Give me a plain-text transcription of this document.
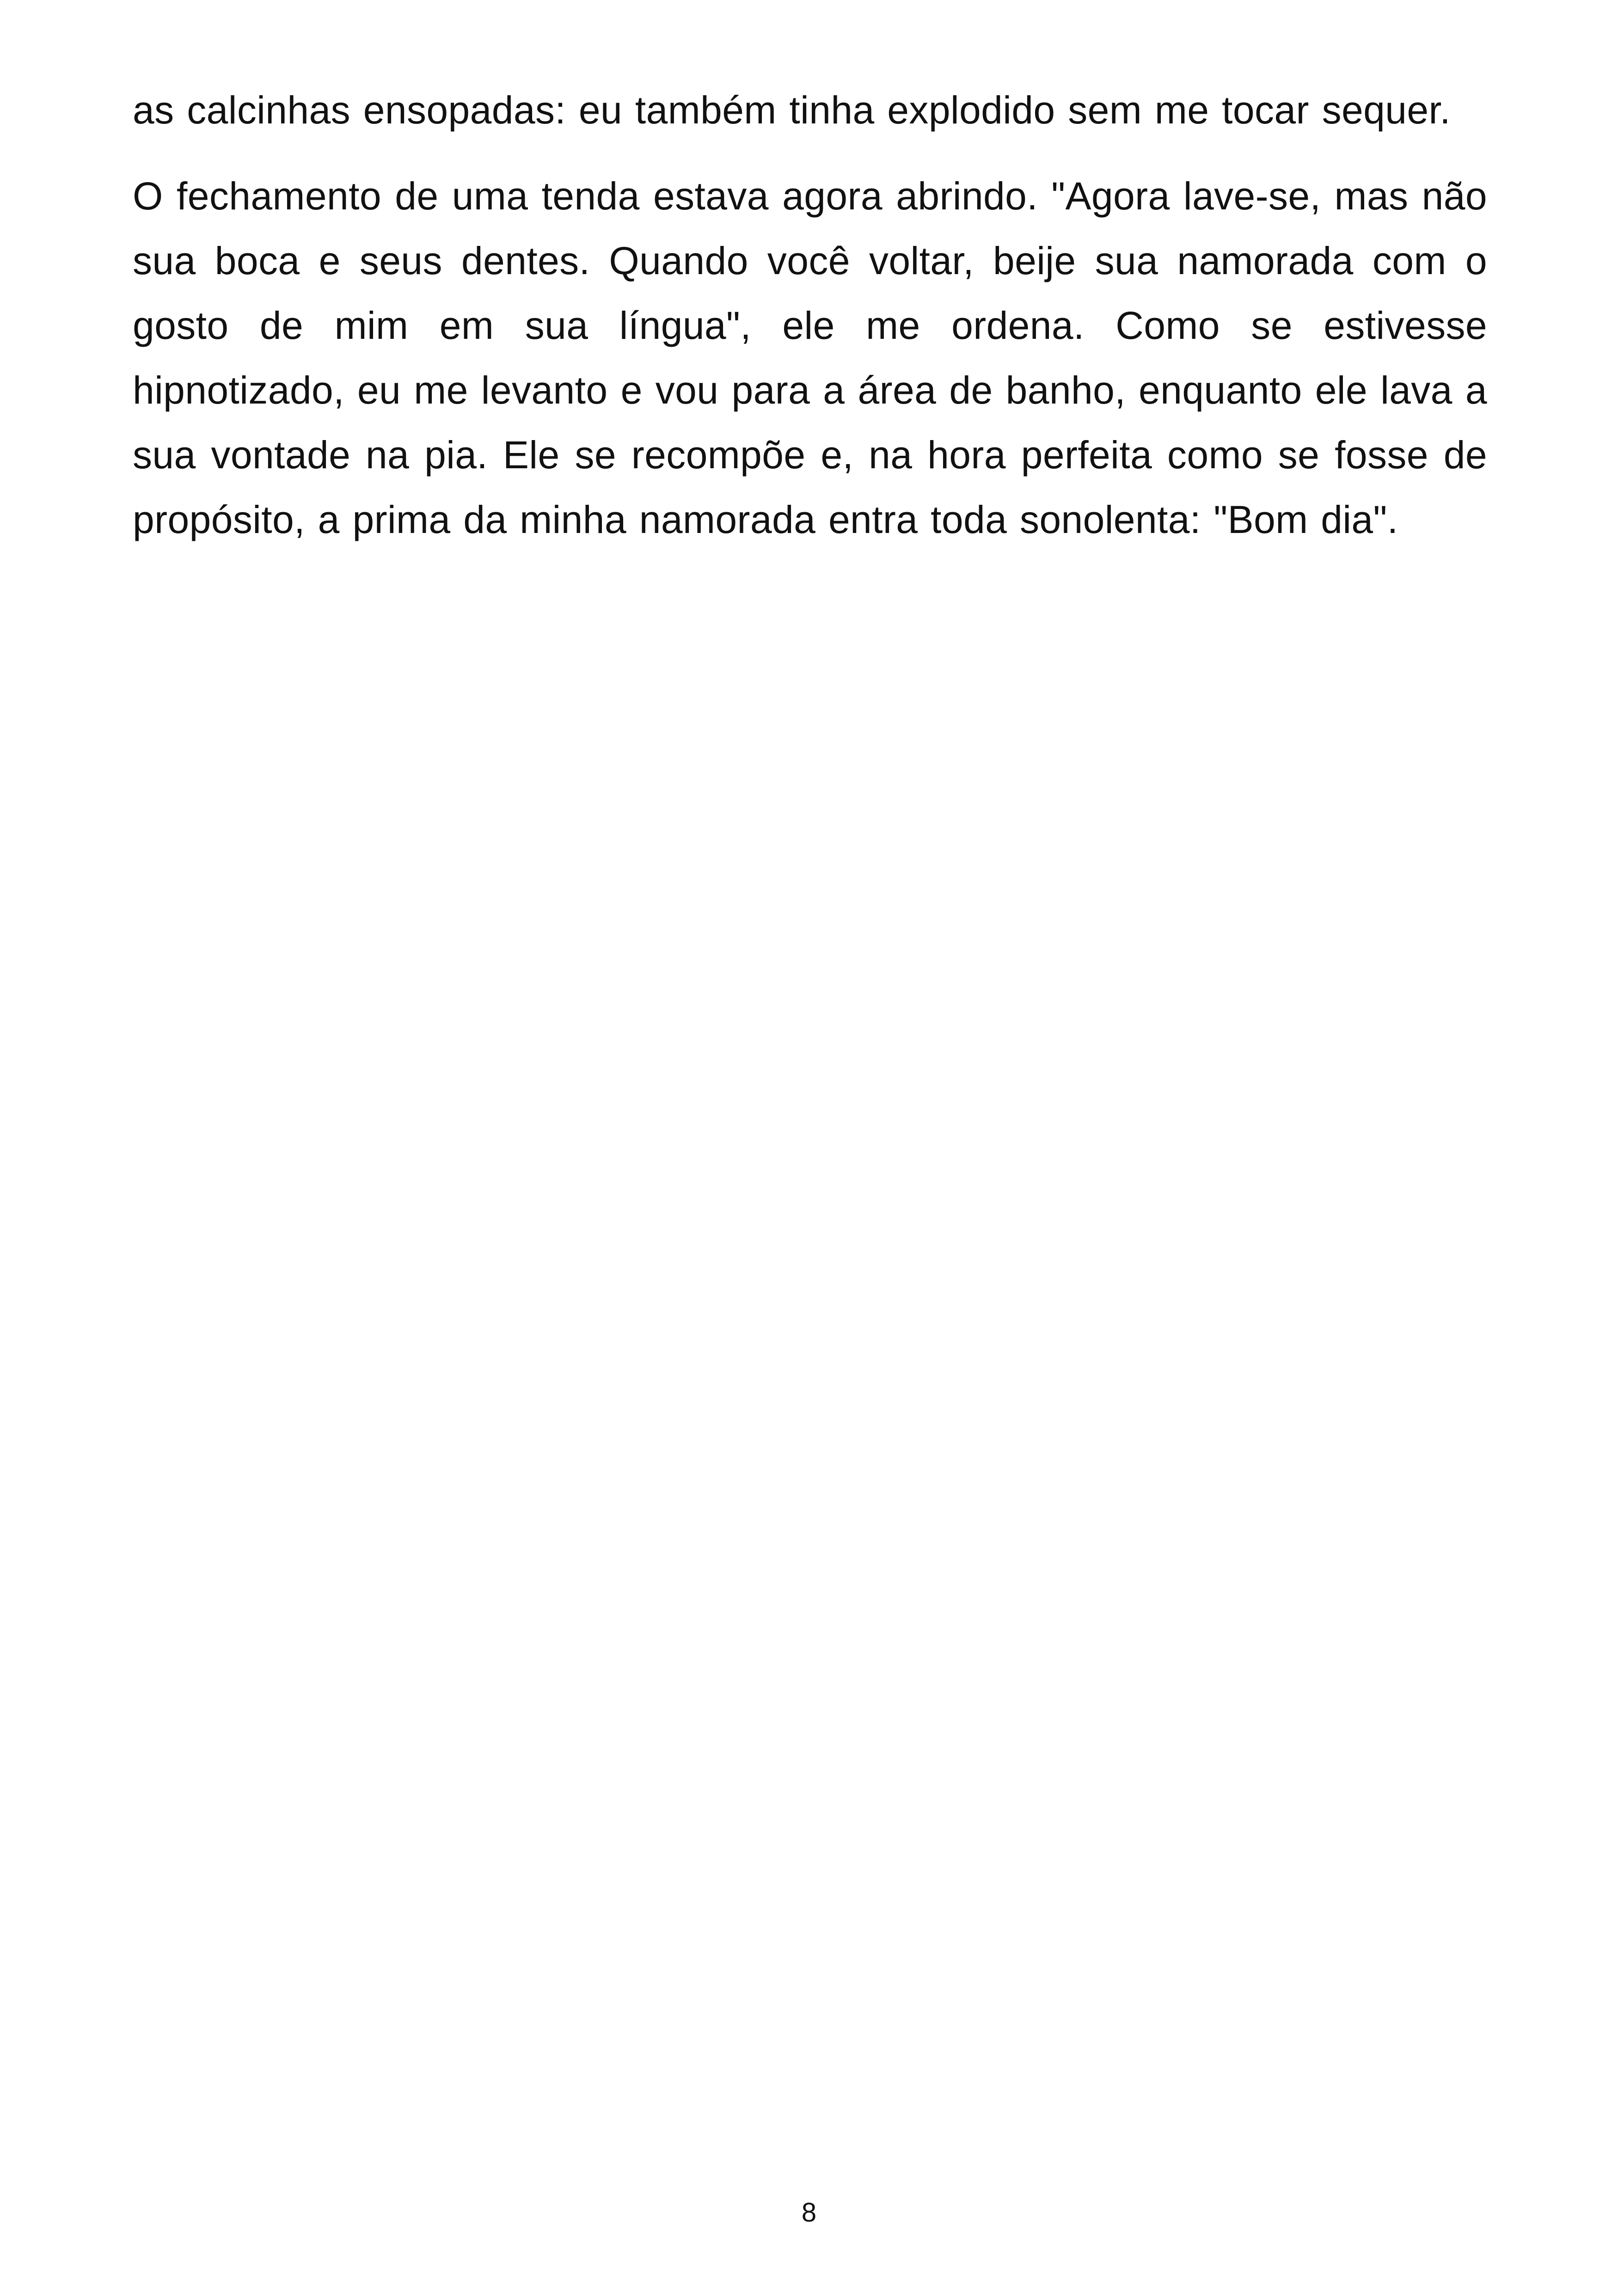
as calcinhas ensopadas: eu também tinha explodido sem me tocar sequer.

O fechamento de uma tenda estava agora abrindo. "Agora lave-se, mas não sua boca e seus dentes. Quando você voltar, beije sua namorada com o gosto de mim em sua língua", ele me ordena. Como se estivesse hipnotizado, eu me levanto e vou para a área de banho, enquanto ele lava a sua vontade na pia. Ele se recompõe e, na hora perfeita como se fosse de propósito, a prima da minha namorada entra toda sonolenta: "Bom dia".

8
